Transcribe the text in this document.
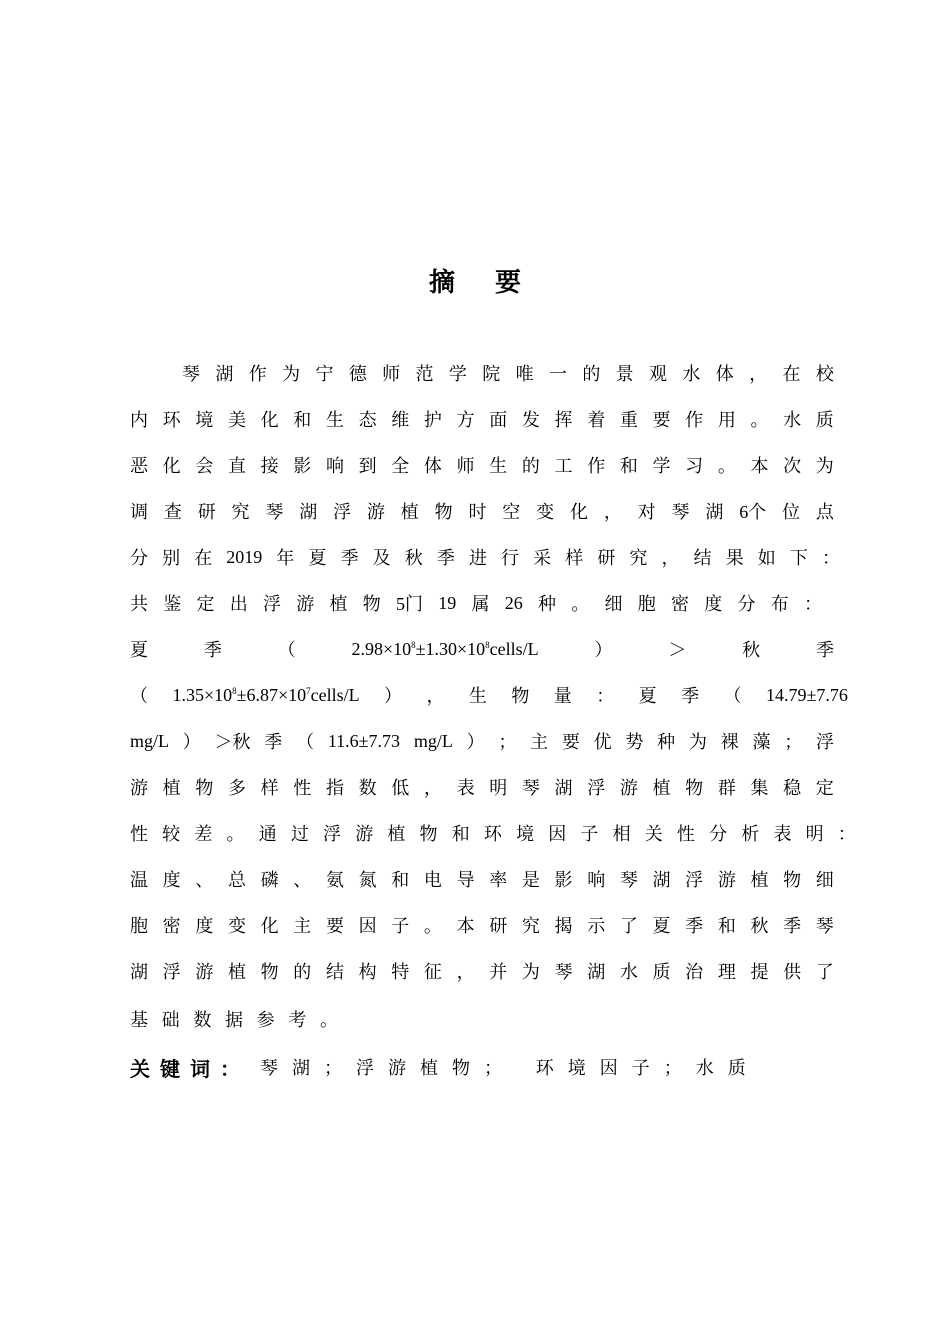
摘 要
琴 湖 作 为 宁 德 师 范 学 院 唯 一 的 景 观 水 体 ， 在 校
内 环 境 美 化 和 生 态 维 护 方 面 发 挥 着 重 要 作 用 。 水 质
恶 化 会 直 接 影 响 到 全 体 师 生 的 工 作 和 学 习 。 本 次 为
调 查 研 究 琴 湖 浮 游 植 物 时 空 变 化 ， 对 琴 湖 6个 位 点
分 别 在 2019 年 夏 季 及 秋 季 进 行 采 样 研 究 ， 结 果 如 下 ：
共 鉴 定 出 浮 游 植 物 5门 19 属 26 种 。 细 胞 密 度 分 布 ：
夏	季	（	$2.98\times 10^8\pm 1.30\times 10^8cells/L$	）	＞	秋	季
（ $1.35\times 10^8\pm 6.87\times 10^7cells/L$ ） ， 生 物 量 ： 夏 季 （ 14.79±7.76
mg/L ） ＞秋 季 （ 11.6±7.73 mg/L ） ； 主 要 优 势 种 为 裸 藻 ； 浮
游 植 物 多 样 性 指 数 低 ， 表 明 琴 湖 浮 游 植 物 群 集 稳 定
性 较 差 。 通 过 浮 游 植 物 和 环 境 因 子 相 关 性 分 析 表 明 ：
温 度 、 总 磷 、 氨 氮 和 电 导 率 是 影 响 琴 湖 浮 游 植 物 细
胞 密 度 变 化 主 要 因 子 。 本 研 究 揭 示 了 夏 季 和 秋 季 琴
湖 浮 游 植 物 的 结 构 特 征 ， 并 为 琴 湖 水 质 治 理 提 供 了
基 础 数 据 参 考 。
关键词： 琴湖；浮游植物； 环境因子；水质
